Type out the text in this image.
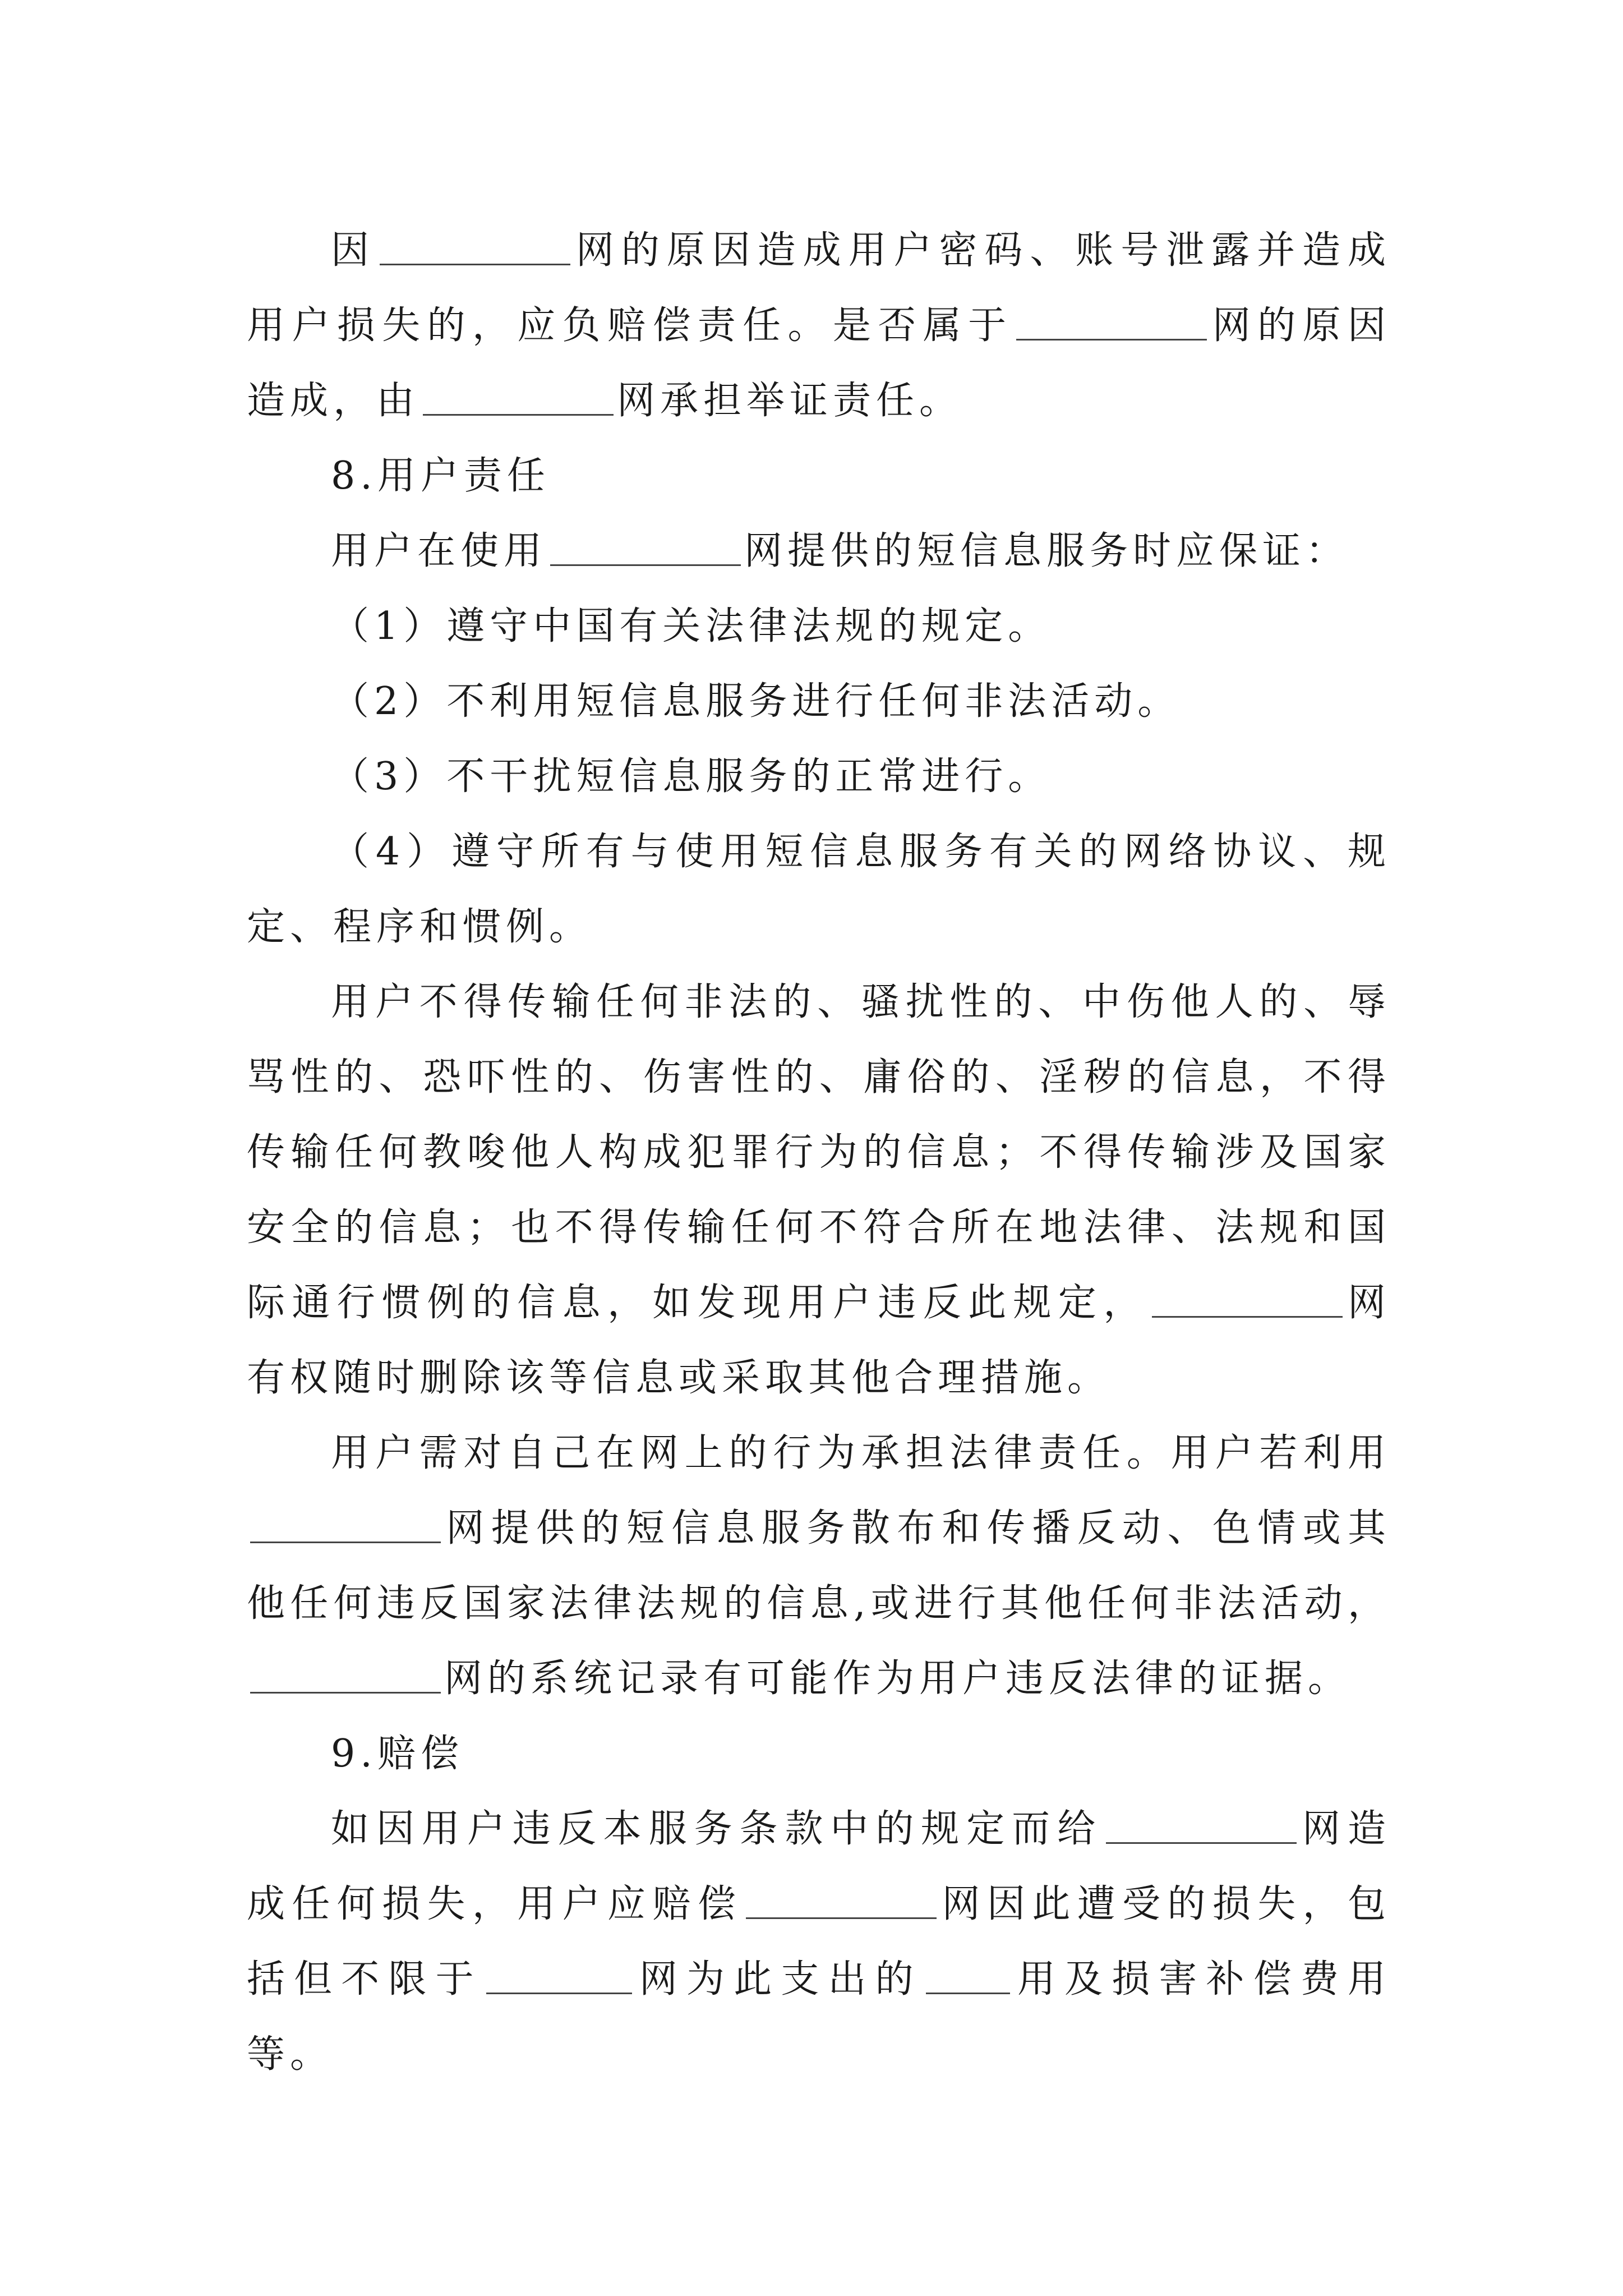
因	网的原因造成用户密码、账号泄露并造成用户损失的，应负赔偿责任。是否属于	网的原因造成，由	网承担举证责任。

8.用户责任

用户在使用	网提供的短信息服务时应保证：

（1）遵守中国有关法律法规的规定。

（2）不利用短信息服务进行任何非法活动。

（3）不干扰短信息服务的正常进行。

（4）遵守所有与使用短信息服务有关的网络协议、规定、程序和惯例。

用户不得传输任何非法的、骚扰性的、中伤他人的、辱骂性的、恐吓性的、伤害性的、庸俗的、淫秽的信息，不得传输任何教唆他人构成犯罪行为的信息；不得传输涉及国家安全的信息；也不得传输任何不符合所在地法律、法规和国际通行惯例的信息，如发现用户违反此规定，	网有权随时删除该等信息或采取其他合理措施。

用户需对自己在网上的行为承担法律责任。用户若利用网提供的短信息服务散布和传播反动、色情或其他任何违反国家法律法规的信息,或进行其他任何非法活动，网的系统记录有可能作为用户违反法律的证据。

9.赔偿

如因用户违反本服务条款中的规定而给	网造成任何损失，用户应赔偿	网因此遭受的损失，包括但不限于	网为此支出的 用及损害补偿费用等。
